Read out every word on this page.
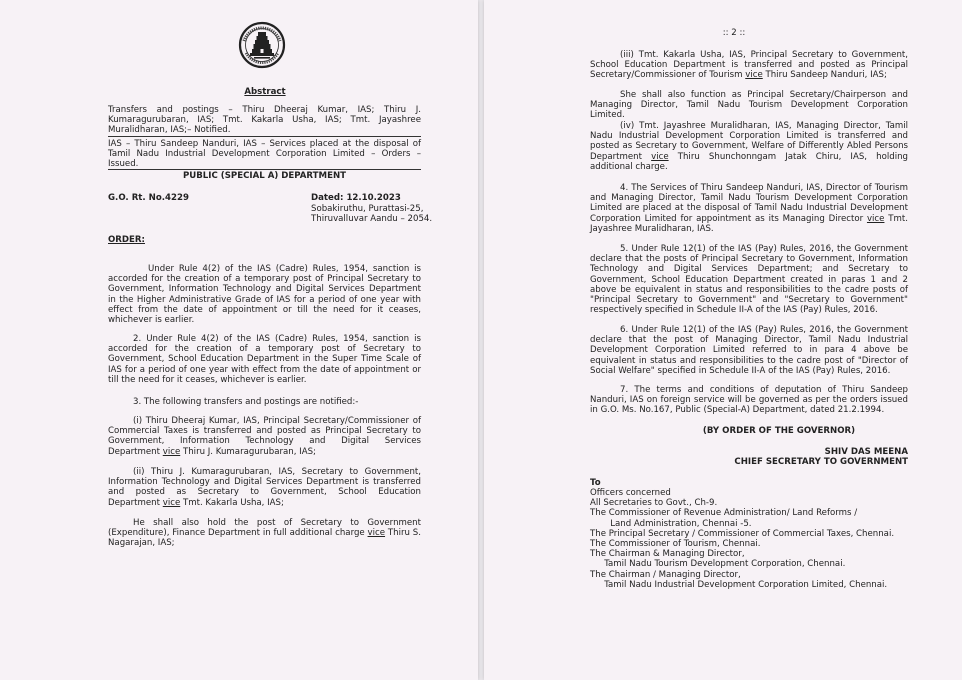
Abstract
Transfers and postings – Thiru Dheeraj Kumar, IAS; Thiru J. Kumaragurubaran, IAS; Tmt. Kakarla Usha, IAS; Tmt. Jayashree Muralidharan, IAS;– Notified.
IAS – Thiru Sandeep Nanduri, IAS – Services placed at the disposal of Tamil Nadu Industrial Development Corporation Limited – Orders – Issued.
PUBLIC (SPECIAL A) DEPARTMENT
G.O. Rt. No.4229	Dated: 12.10.2023
Sobakiruthu, Purattasi-25,
Thiruvalluvar Aandu – 2054.
ORDER:
Under Rule 4(2) of the IAS (Cadre) Rules, 1954, sanction is accorded for the creation of a temporary post of Principal Secretary to Government, Information Technology and Digital Services Department in the Higher Administrative Grade of IAS for a period of one year with effect from the date of appointment or till the need for it ceases, whichever is earlier.
2. Under Rule 4(2) of the IAS (Cadre) Rules, 1954, sanction is accorded for the creation of a temporary post of Secretary to Government, School Education Department in the Super Time Scale of IAS for a period of one year with effect from the date of appointment or till the need for it ceases, whichever is earlier.
3. The following transfers and postings are notified:-
(i) Thiru Dheeraj Kumar, IAS, Principal Secretary/Commissioner of Commercial Taxes is transferred and posted as Principal Secretary to Government, Information Technology and Digital Services Department vice Thiru J. Kumaragurubaran, IAS;
(ii) Thiru J. Kumaragurubaran, IAS, Secretary to Government, Information Technology and Digital Services Department is transferred and posted as Secretary to Government, School Education Department vice Tmt. Kakarla Usha, IAS;
He shall also hold the post of Secretary to Government (Expenditure), Finance Department in full additional charge vice Thiru S. Nagarajan, IAS;
:: 2 ::
(iii) Tmt. Kakarla Usha, IAS, Principal Secretary to Government, School Education Department is transferred and posted as Principal Secretary/Commissioner of Tourism vice Thiru Sandeep Nanduri, IAS;
She shall also function as Principal Secretary/Chairperson and Managing Director, Tamil Nadu Tourism Development Corporation Limited.
(iv) Tmt. Jayashree Muralidharan, IAS, Managing Director, Tamil Nadu Industrial Development Corporation Limited is transferred and posted as Secretary to Government, Welfare of Differently Abled Persons Department vice Thiru Shunchonngam Jatak Chiru, IAS, holding additional charge.
4. The Services of Thiru Sandeep Nanduri, IAS, Director of Tourism and Managing Director, Tamil Nadu Tourism Development Corporation Limited are placed at the disposal of Tamil Nadu Industrial Development Corporation Limited for appointment as its Managing Director vice Tmt. Jayashree Muralidharan, IAS.
5. Under Rule 12(1) of the IAS (Pay) Rules, 2016, the Government declare that the posts of Principal Secretary to Government, Information Technology and Digital Services Department; and Secretary to Government, School Education Department created in paras 1 and 2 above be equivalent in status and responsibilities to the cadre posts of "Principal Secretary to Government" and "Secretary to Government" respectively specified in Schedule II-A of the IAS (Pay) Rules, 2016.
6. Under Rule 12(1) of the IAS (Pay) Rules, 2016, the Government declare that the post of Managing Director, Tamil Nadu Industrial Development Corporation Limited referred to in para 4 above be equivalent in status and responsibilities to the cadre post of "Director of Social Welfare" specified in Schedule II-A of the IAS (Pay) Rules, 2016.
7. The terms and conditions of deputation of Thiru Sandeep Nanduri, IAS on foreign service will be governed as per the orders issued in G.O. Ms. No.167, Public (Special-A) Department, dated 21.2.1994.
(BY ORDER OF THE GOVERNOR)
SHIV DAS MEENA
CHIEF SECRETARY TO GOVERNMENT
To
Officers concerned
All Secretaries to Govt., Ch-9.
The Commissioner of Revenue Administration/ Land Reforms /
Land Administration, Chennai -5.
The Principal Secretary / Commissioner of Commercial Taxes, Chennai.
The Commissioner of Tourism, Chennai.
The Chairman & Managing Director,
Tamil Nadu Tourism Development Corporation, Chennai.
The Chairman / Managing Director,
Tamil Nadu Industrial Development Corporation Limited, Chennai.
